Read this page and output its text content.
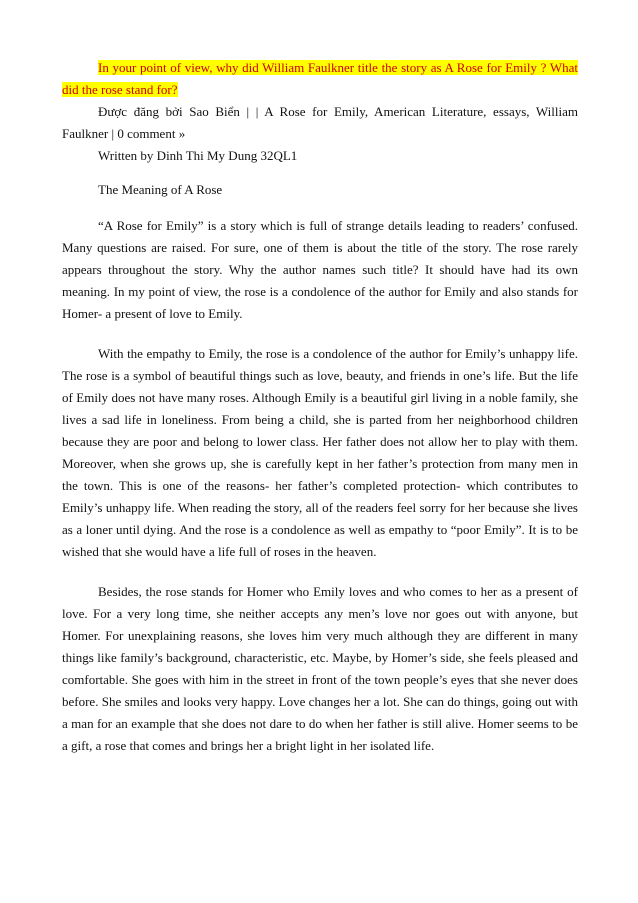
In your point of view, why did William Faulkner title the story as A Rose for Emily ? What did the rose stand for?

Được đăng bởi Sao Biển | | A Rose for Emily, American Literature, essays, William Faulkner | 0 comment »

Written by Dinh Thi My Dung 32QL1

The Meaning of A Rose

“A Rose for Emily” is a story which is full of strange details leading to readers’ confused. Many questions are raised. For sure, one of them is about the title of the story. The rose rarely appears throughout the story. Why the author names such title? It should have had its own meaning. In my point of view, the rose is a condolence of the author for Emily and also stands for Homer- a present of love to Emily.

With the empathy to Emily, the rose is a condolence of the author for Emily’s unhappy life. The rose is a symbol of beautiful things such as love, beauty, and friends in one’s life. But the life of Emily does not have many roses. Although Emily is a beautiful girl living in a noble family, she lives a sad life in loneliness. From being a child, she is parted from her neighborhood children because they are poor and belong to lower class. Her father does not allow her to play with them. Moreover, when she grows up, she is carefully kept in her father’s protection from many men in the town. This is one of the reasons- her father’s completed protection- which contributes to Emily’s unhappy life. When reading the story, all of the readers feel sorry for her because she lives as a loner until dying. And the rose is a condolence as well as empathy to “poor Emily”. It is to be wished that she would have a life full of roses in the heaven.

Besides, the rose stands for Homer who Emily loves and who comes to her as a present of love. For a very long time, she neither accepts any men’s love nor goes out with anyone, but Homer. For unexplaining reasons, she loves him very much although they are different in many things like family’s background, characteristic, etc. Maybe, by Homer’s side, she feels pleased and comfortable. She goes with him in the street in front of the town people’s eyes that she never does before. She smiles and looks very happy. Love changes her a lot. She can do things, going out with a man for an example that she does not dare to do when her father is still alive. Homer seems to be a gift, a rose that comes and brings her a bright light in her isolated life.
